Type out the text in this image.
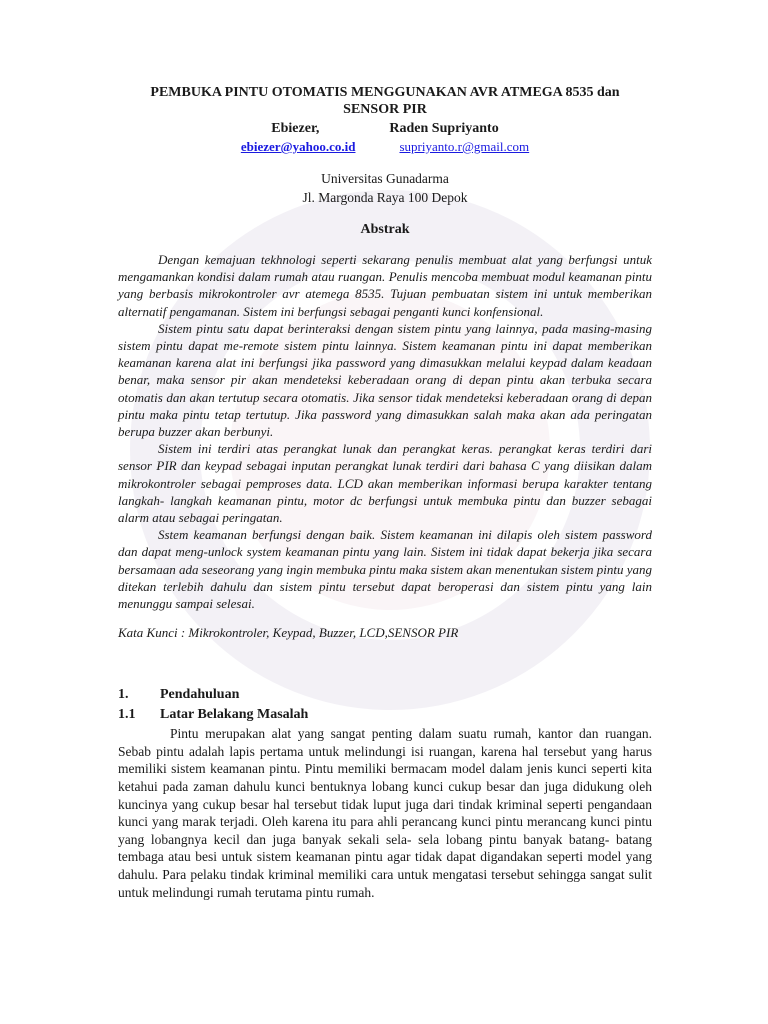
PEMBUKA PINTU OTOMATIS MENGGUNAKAN AVR ATMEGA 8535 dan
SENSOR PIR
Ebiezer,	Raden Supriyanto
ebiezer@yahoo.co.id	supriyanto.r@gmail.com
Universitas Gunadarma
Jl. Margonda Raya 100 Depok
Abstrak

Dengan kemajuan tekhnologi seperti sekarang penulis membuat alat yang berfungsi untuk mengamankan kondisi dalam rumah atau ruangan. Penulis mencoba membuat modul keamanan pintu yang berbasis mikrokontroler avr atemega 8535. Tujuan pembuatan sistem ini untuk memberikan alternatif pengamanan. Sistem ini berfungsi sebagai penganti kunci konfensional.

Sistem pintu satu dapat berinteraksi dengan sistem pintu yang lainnya, pada masing-masing sistem pintu dapat me-remote sistem pintu lainnya. Sistem keamanan pintu ini dapat memberikan keamanan karena alat ini berfungsi jika password yang dimasukkan melalui keypad dalam keadaan benar, maka sensor pir akan mendeteksi keberadaan orang di depan pintu akan terbuka secara otomatis dan akan tertutup secara otomatis. Jika sensor tidak mendeteksi keberadaan orang di depan pintu maka pintu tetap tertutup. Jika password yang dimasukkan salah maka akan ada peringatan berupa buzzer akan berbunyi.

Sistem ini terdiri atas perangkat lunak dan perangkat keras. perangkat keras terdiri dari sensor PIR dan keypad sebagai inputan perangkat lunak terdiri dari bahasa C yang diisikan dalam mikrokontroler sebagai pemproses data. LCD akan memberikan informasi berupa karakter tentang langkah- langkah keamanan pintu, motor dc berfungsi untuk membuka pintu dan buzzer sebagai alarm atau sebagai peringatan.

Sstem keamanan berfungsi dengan baik. Sistem keamanan ini dilapis oleh sistem password dan dapat meng-unlock system keamanan pintu yang lain. Sistem ini tidak dapat bekerja jika secara bersamaan ada seseorang yang ingin membuka pintu maka sistem akan menentukan sistem pintu yang ditekan terlebih dahulu dan sistem pintu tersebut dapat beroperasi dan sistem pintu yang lain menunggu sampai selesai.

Kata Kunci : Mikrokontroler, Keypad, Buzzer, LCD,SENSOR PIR
1.	Pendahuluan
1.1	Latar Belakang Masalah

Pintu merupakan alat yang sangat penting dalam suatu rumah, kantor dan ruangan. Sebab pintu adalah lapis pertama untuk melindungi isi ruangan, karena hal tersebut yang harus memiliki sistem keamanan pintu. Pintu memiliki bermacam model dalam jenis kunci seperti kita ketahui pada zaman dahulu kunci bentuknya lobang kunci cukup besar dan juga didukung oleh kuncinya yang cukup besar hal tersebut tidak luput juga dari tindak kriminal seperti pengandaan kunci yang marak terjadi. Oleh karena itu para ahli perancang kunci pintu merancang kunci pintu yang lobangnya kecil dan juga banyak sekali sela- sela lobang pintu banyak batang- batang tembaga atau besi untuk sistem keamanan pintu agar tidak dapat digandakan seperti model yang dahulu. Para pelaku tindak kriminal memiliki cara untuk mengatasi tersebut sehingga sangat sulit untuk melindungi rumah terutama pintu rumah.
